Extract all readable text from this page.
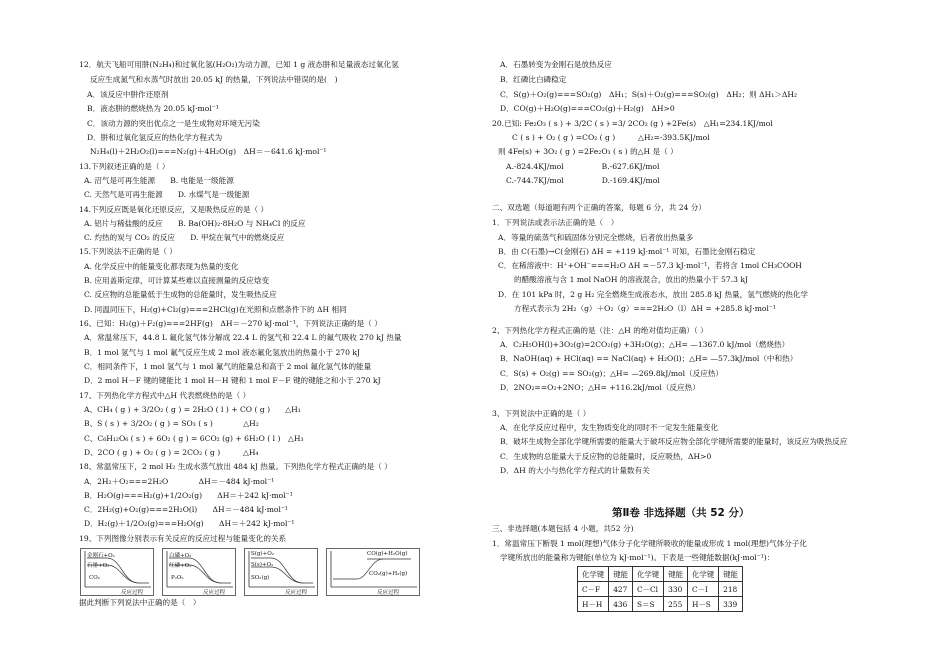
12．航天飞船可用肼(N₂H₄)和过氧化氢(H₂O₂)为动力源，已知 1 g 液态肼和足量液态过氧化氢
反应生成氮气和水蒸气时放出 20.05 kJ 的热量，下列说法中错误的是(　)
A．该反应中肼作还原剂
B．液态肼的燃烧热为 20.05 kJ·mol⁻¹
C．该动力源的突出优点之一是生成物对环境无污染
D．肼和过氧化氢反应的热化学方程式为
N₂H₄(l)＋2H₂O₂(l)===N₂(g)＋4H₂O(g)　ΔH＝－641.6 kJ·mol⁻¹
13.下列叙述正确的是（ ）
A. 沼气是可再生能源　　B. 电能是一级能源
C. 天然气是可再生能源　　D. 水煤气是一级能源
14.下列反应既是氧化还原反应，又是吸热反应的是（ ）
A. 铝片与稀盐酸的反应　　B. Ba(OH)₂·8H₂O 与 NH₄Cl 的反应
C. 灼热的炭与 CO₂ 的反应　　D. 甲烷在氧气中的燃烧反应
15.下列说法不正确的是（ ）
A. 化学反应中的能量变化都表现为热量的变化
B. 应用盖斯定律，可计算某些难以直接测量的反应焓变
C. 反应物的总能量低于生成物的总能量时，发生吸热反应
D. 同温同压下，H₂(g)+Cl₂(g)===2HCl(g)在光照和点燃条件下的 ΔH 相同
16、已知：H₂(g)＋F₂(g)===2HF(g)　ΔH＝－270 kJ·mol⁻¹，下列说法正确的是（ ）
A．常温常压下，44.8 L 氟化氢气体分解成 22.4 L 的氢气和 22.4 L 的氟气吸收 270 kJ 热量
B．1 mol 氢气与 1 mol 氟气反应生成 2 mol 液态氟化氢放出的热量小于 270 kJ
C．相同条件下，1 mol 氢气与 1 mol 氟气的能量总和高于 2 mol 氟化氢气体的能量
D．2 mol H－F 键的键能比 1 mol H－H 键和 1 mol F－F 键的键能之和小于 270 kJ
17、下列热化学方程式中△H 代表燃烧热的是（ ）
A、CH₄ ( g ) + 3/2O₂ ( g ) = 2H₂O ( l ) + CO ( g )　　△H₁
B、S ( s ) + 3/2O₂ ( g ) = SO₃ ( s )　　　　△H₂
C、C₆H₁₂O₆ ( s ) + 6O₂ ( g ) = 6CO₂ (g) + 6H₂O ( l )　△H₃
D、2CO ( g ) + O₂ ( g ) = 2CO₂ ( g )　　　△H₄
18、常温常压下，2 mol H₂ 生成水蒸气放出 484 kJ 热量。下列热化学方程式正确的是（ ）
A．2H₂＋O₂===2H₂O　　　　ΔH＝－484 kJ·mol⁻¹
B．H₂O(g)===H₂(g)+1/2O₂(g)　　ΔH＝＋242 kJ·mol⁻¹
C．2H₂(g)+O₂(g)===2H₂O(l)　　ΔH＝－484 kJ·mol⁻¹
D．H₂(g)＋1/2O₂(g)===H₂O(g)　　ΔH＝＋242 kJ·mol⁻¹
19、下列图像分别表示有关反应的反应过程与能量变化的关系
金刚石+O₂
石墨+O₂
CO₂
反应过程
白磷+O₂
红磷+O₂
P₂O₅
反应过程
S(g)+O₂
S(s)+O₂
SO₂(g)
反应过程
CO(g)+H₂O(g)
CO₂(g)+H₂(g)
反应过程
据此判断下列说法中正确的是（　）
A．石墨转变为金刚石是放热反应
B．红磷比白磷稳定
C．S(g)＋O₂(g)===SO₂(g)　ΔH₁；S(s)＋O₂(g)===SO₂(g)　ΔH₂；则 ΔH₁＞ΔH₂
D．CO(g)＋H₂O(g)===CO₂(g)＋H₂(g)　ΔH>0
20.已知: Fe₂O₃ ( s ) + 3/2C ( s ) =3/ 2CO₂ (g ) +2Fe(s)　△H₁=234.1KJ/mol
C ( s ) + O₂ ( g ) =CO₂ ( g )　　　△H₂=-393.5KJ/mol
则 4Fe(s) + 3O₂ ( g ) =2Fe₂O₃ ( s ) 的△H 是（ ）
A.-824.4KJ/mol　　　　　B.-627.6KJ/mol
C.-744.7KJ/mol　　　　　D.-169.4KJ/mol
二、双选题（每道题有两个正确的答案，每题 6 分，共 24 分）
1．下列说法或表示法正确的是（　）
A．等量的硫蒸气和硫固体分别完全燃烧，后者放出热量多
B．由 C(石墨)→C(金刚石) ΔH = +119 kJ·mol⁻¹ 可知，石墨比金刚石稳定
C．在稀溶液中：H⁺+OH⁻===H₂O ΔH =－57.3 kJ·mol⁻¹，若将含 1mol CH₃COOH
的醋酸溶液与含 1 mol NaOH 的溶液混合，放出的热量小于 57.3 kJ
D．在 101 kPa 时，2 g H₂ 完全燃烧生成液态水，放出 285.8 kJ 热量，氢气燃烧的热化学
方程式表示为 2H₂（g）＋O₂（g）===2H₂O（l）ΔH = +285.8 kJ·mol⁻¹
2、下列热化学方程式正确的是（注：△H 的绝对值均正确）（ ）
A．C₂H₅OH(l)+3O₂(g)=2CO₂(g) +3H₂O(g)；△H= —1367.0 kJ/mol（燃烧热）
B．NaOH(aq) + HCl(aq) == NaCl(aq) + H₂O(l)；△H= —57.3kJ/mol（中和热）
C．S(s) + O₂(g) == SO₂(g)；△H= —269.8kJ/mol（反应热）
D．2NO₂==O₂+2NO；△H= +116.2kJ/mol（反应热）
3、下列说法中正确的是（ ）
A．在化学反应过程中，发生物质变化的同时不一定发生能量变化
B．破坏生成物全部化学键所需要的能量大于破坏反应物全部化学键所需要的能量时，该反应为吸热反应
C．生成物的总能量大于反应物的总能量时，反应吸热，ΔH>0
D．ΔH 的大小与热化学方程式的计量数有关
第Ⅱ卷 非选择题（共 52 分）
三、非选择题(本题包括 4 小题，共52 分)
1．常温常压下断裂 1 mol(理想)气体分子化学键所吸收的能量或形成 1 mol(理想)气体分子化
学键所放出的能量称为键能(单位为 kJ·mol⁻¹)。下表是一些键能数据(kJ·mol⁻¹)：
化学键	键能	化学键	键能	化学键	键能
C－F	427	C－Cl	330	C－I	218
H－H	436	S＝S	255	H－S	339
